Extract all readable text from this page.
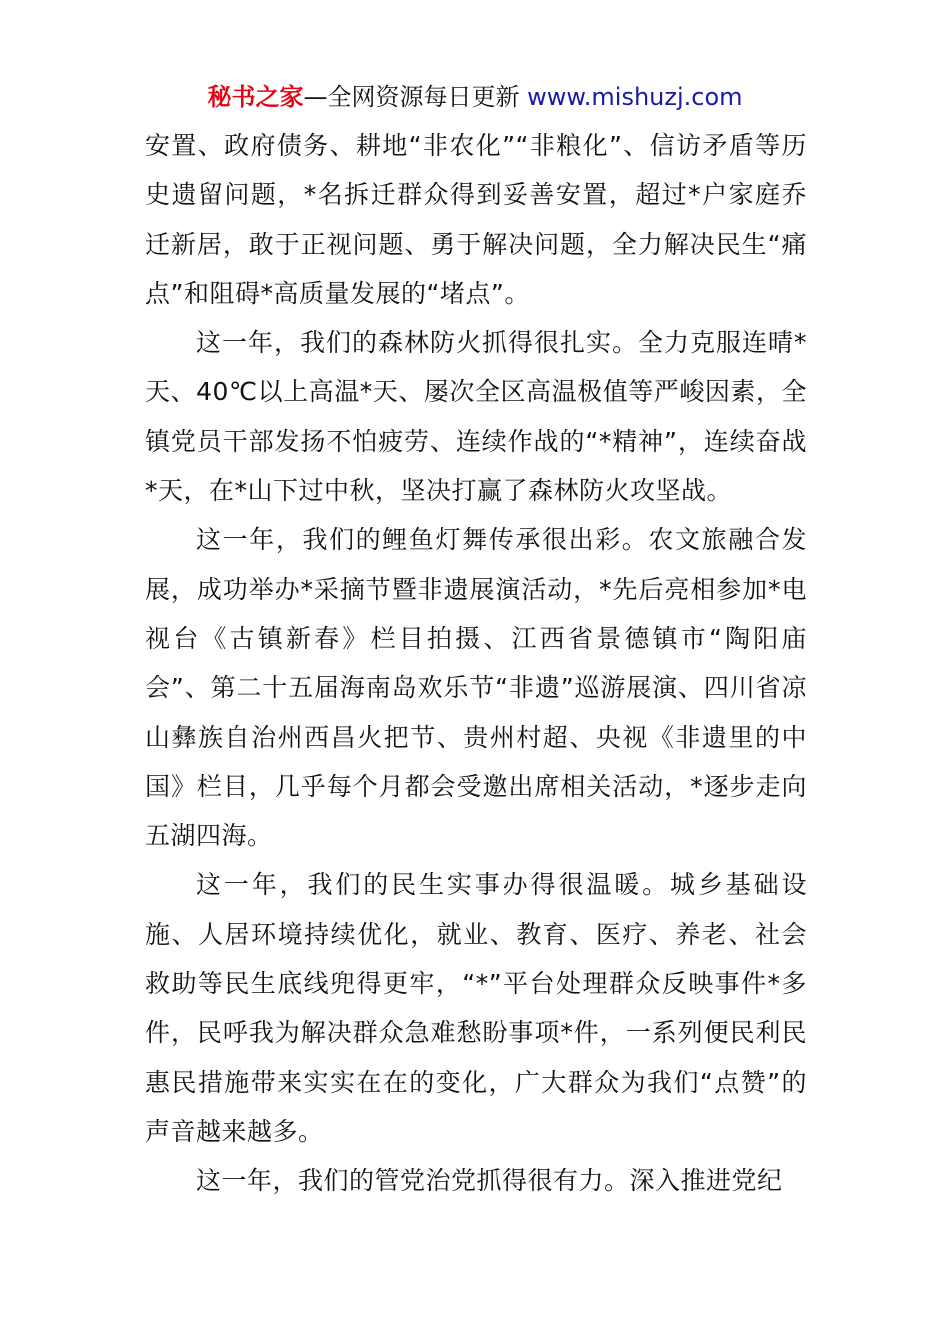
秘书之家—全网资源每日更新 www.mishuzj.com

安置、政府债务、耕地“非农化”“非粮化”、信访矛盾等历史遗留问题，*名拆迁群众得到妥善安置，超过*户家庭乔迁新居，敢于正视问题、勇于解决问题，全力解决民生“痛点”和阻碍*高质量发展的“堵点”。

这一年，我们的森林防火抓得很扎实。全力克服连晴*天、40℃以上高温*天、屡次全区高温极值等严峻因素，全镇党员干部发扬不怕疲劳、连续作战的“*精神”，连续奋战*天，在*山下过中秋，坚决打赢了森林防火攻坚战。

这一年，我们的鲤鱼灯舞传承很出彩。农文旅融合发展，成功举办*采摘节暨非遗展演活动，*先后亮相参加*电视台《古镇新春》栏目拍摄、江西省景德镇市“陶阳庙会”、第二十五届海南岛欢乐节“非遗”巡游展演、四川省凉山彝族自治州西昌火把节、贵州村超、央视《非遗里的中国》栏目，几乎每个月都会受邀出席相关活动，*逐步走向五湖四海。

这一年，我们的民生实事办得很温暖。城乡基础设施、人居环境持续优化，就业、教育、医疗、养老、社会救助等民生底线兜得更牢，“*”平台处理群众反映事件*多件，民呼我为解决群众急难愁盼事项*件，一系列便民利民惠民措施带来实实在在的变化，广大群众为我们“点赞”的声音越来越多。

这一年，我们的管党治党抓得很有力。深入推进党纪
